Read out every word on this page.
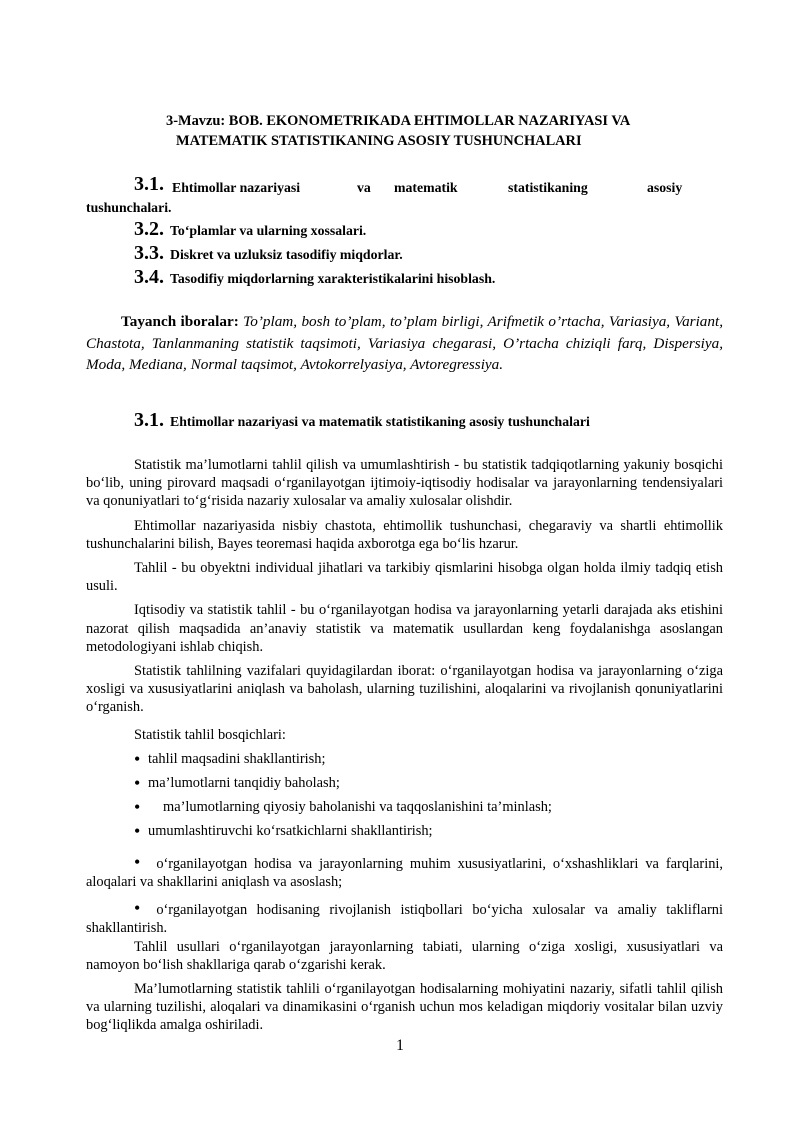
3-Mavzu: BOB. EKONOMETRIKADA EHTIMOLLAR NAZARIYASI VA
MATEMATIK STATISTIKANING ASOSIY TUSHUNCHALARI
3.1. Ehtimollar nazariyasi	va matematik	statistikaning	asosiy
tushunchalari.
3.2. To‘plamlar va ularning xossalari.
3.3. Diskret va uzluksiz tasodifiy miqdorlar.
3.4. Tasodifiy miqdorlarning xarakteristikalarini hisoblash.
Tayanch iboralar: To’plam, bosh to’plam, to’plam birligi, Arifmetik o’rtacha, Variasiya, Variant, Chastota, Tanlanmaning statistik taqsimoti, Variasiya chegarasi, O’rtacha chiziqli farq, Dispersiya, Moda, Mediana, Normal taqsimot, Avtokorrelyasiya, Avtoregressiya.
3.1. Ehtimollar nazariyasi va matematik statistikaning asosiy tushunchalari

Statistik ma’lumotlarni tahlil qilish va umumlashtirish - bu statistik tadqiqotlarning yakuniy bosqichi bo‘lib, uning pirovard maqsadi o‘rganilayotgan ijtimoiy-iqtisodiy hodisalar va jarayonlarning tendensiyalari va qonuniyatlari to‘g‘risida nazariy xulosalar va amaliy xulosalar olishdir.

Ehtimollar nazariyasida nisbiy chastota, ehtimollik tushunchasi, chegaraviy va shartli ehtimollik tushunchalarini bilish, Bayes teoremasi haqida axborotga ega bo‘lis hzarur.

Tahlil - bu obyektni individual jihatlari va tarkibiy qismlarini hisobga olgan holda ilmiy tadqiq etish usuli.

Iqtisodiy va statistik tahlil - bu o‘rganilayotgan hodisa va jarayonlarning yetarli darajada aks etishini nazorat qilish maqsadida an’anaviy statistik va matematik usullardan keng foydalanishga asoslangan metodologiyani ishlab chiqish.

Statistik tahlilning vazifalari quyidagilardan iborat: o‘rganilayotgan hodisa va jarayonlarning o‘ziga xosligi va xususiyatlarini aniqlash va baholash, ularning tuzilishini, aloqalarini va rivojlanish qonuniyatlarini o‘rganish.

Statistik tahlil bosqichlari:

• tahlil maqsadini shakllantirish;
• ma’lumotlarni tanqidiy baholash;
• ma’lumotlarning qiyosiy baholanishi va taqqoslanishini ta’minlash;
• umumlashtiruvchi ko‘rsatkichlarni shakllantirish;

• o‘rganilayotgan hodisa va jarayonlarning muhim xususiyatlarini, o‘xshashliklari va farqlarini, aloqalari va shakllarini aniqlash va asoslash;

• o‘rganilayotgan hodisaning rivojlanish istiqbollari bo‘yicha xulosalar va amaliy takliflarni shakllantirish.

Tahlil usullari o‘rganilayotgan jarayonlarning tabiati, ularning o‘ziga xosligi, xususiyatlari va namoyon bo‘lish shakllariga qarab o‘zgarishi kerak.

Ma’lumotlarning statistik tahlili o‘rganilayotgan hodisalarning mohiyatini nazariy, sifatli tahlil qilish va ularning tuzilishi, aloqalari va dinamikasini o‘rganish uchun mos keladigan miqdoriy vositalar bilan uzviy bog‘liqlikda amalga oshiriladi.

1
